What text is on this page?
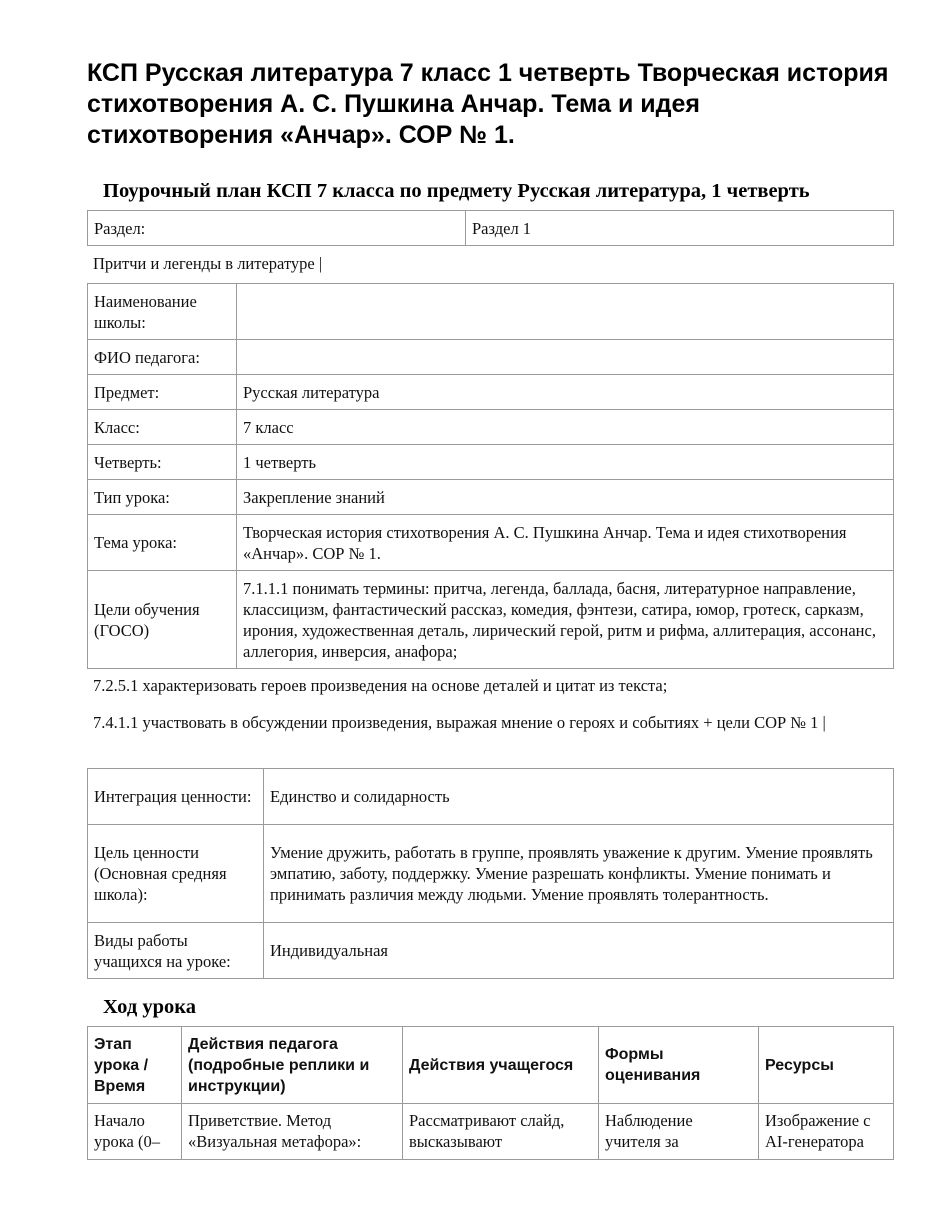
КСП Русская литература 7 класс 1 четверть Творческая история стихотворения А. С. Пушкина Анчар. Тема и идея стихотворения «Анчар». СОР № 1.
Поурочный план КСП 7 класса по предмету Русская литература, 1 четверть
Раздел:	Раздел 1

Притчи и легенды в литературе |

Наименование школы:	
ФИО педагога:	
Предмет:	Русская литература
Класс:	7 класс
Четверть:	1 четверть
Тип урока:	Закрепление знаний
Тема урока:	Творческая история стихотворения А. С. Пушкина Анчар. Тема и идея стихотворения «Анчар». СОР № 1.
Цели обучения (ГОСО)	7.1.1.1 понимать термины: притча, легенда, баллада, басня, литературное направление, классицизм, фантастический рассказ, комедия, фэнтези, сатира, юмор, гротеск, сарказм, ирония, художественная деталь, лирический герой, ритм и рифма, аллитерация, ассонанс, аллегория, инверсия, анафора;

7.2.5.1 характеризовать героев произведения на основе деталей и цитат из текста;

7.4.1.1 участвовать в обсуждении произведения, выражая мнение о героях и событиях + цели СОР № 1 |

Интеграция ценности:	Единство и солидарность
Цель ценности (Основная средняя школа):	Умение дружить, работать в группе, проявлять уважение к другим. Умение проявлять эмпатию, заботу, поддержку. Умение разрешать конфликты. Умение понимать и принимать различия между людьми. Умение проявлять толерантность.
Виды работы учащихся на уроке:	Индивидуальная
Ход урока
Этап урока / Время	Действия педагога (подробные реплики и инструкции)	Действия учащегося	Формы оценивания	Ресурсы
Начало урока (0–	Приветствие. Метод «Визуальная метафора»:	Рассматривают слайд, высказывают	Наблюдение учителя за	Изображение с AI-генератора
